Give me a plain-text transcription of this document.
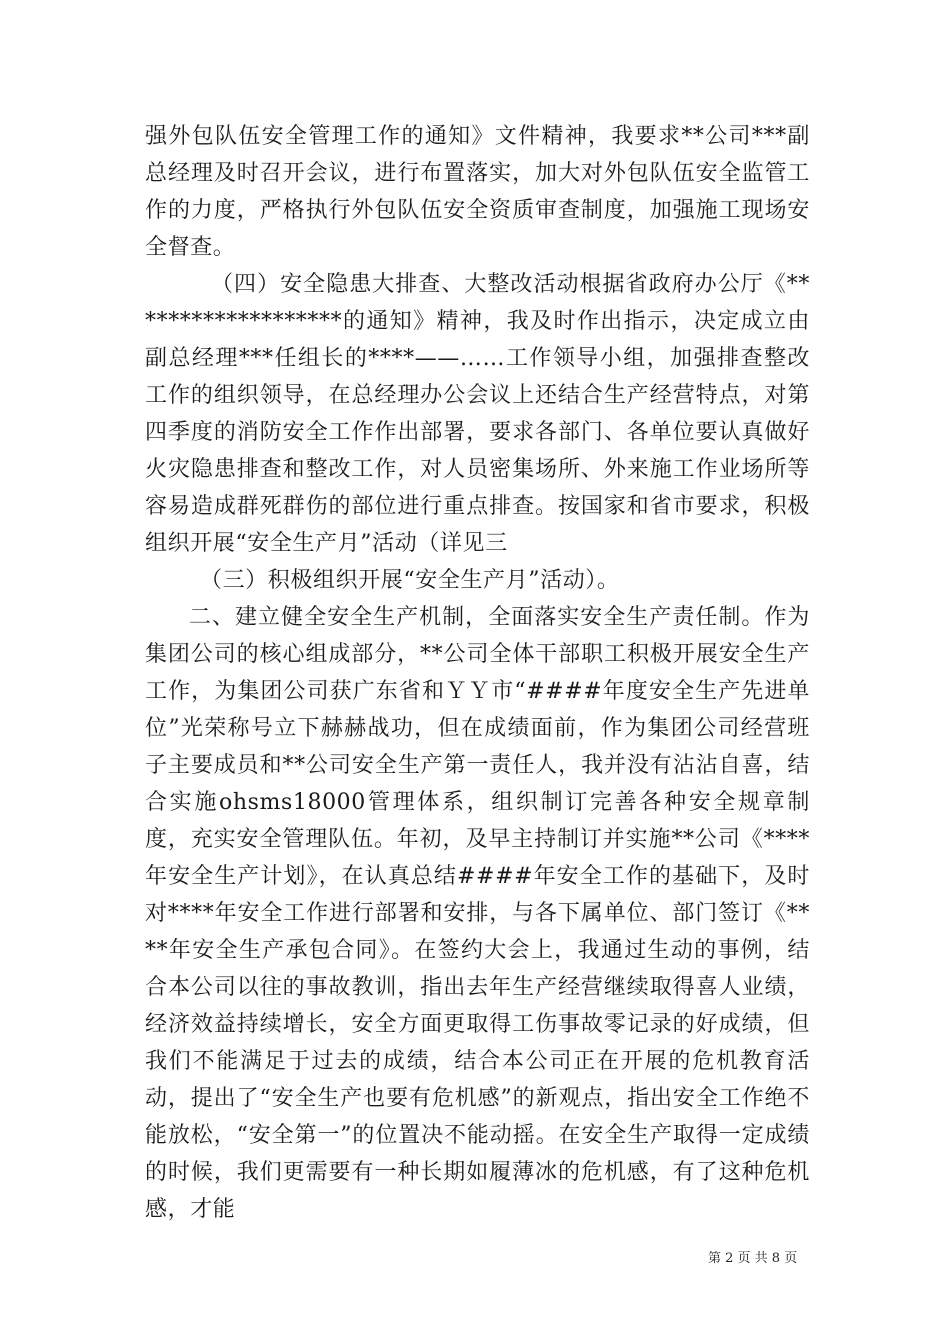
强外包队伍安全管理工作的通知》文件精神，我要求**公司***副总经理及时召开会议，进行布置落实，加大对外包队伍安全监管工作的力度，严格执行外包队伍安全资质审查制度，加强施工现场安全督查。

（四）安全隐患大排查、大整改活动根据省政府办公厅《*******************的通知》精神，我及时作出指示，决定成立由副总经理***任组长的****——……工作领导小组，加强排查整改工作的组织领导，在总经理办公会议上还结合生产经营特点，对第四季度的消防安全工作作出部署，要求各部门、各单位要认真做好火灾隐患排查和整改工作，对人员密集场所、外来施工作业场所等容易造成群死群伤的部位进行重点排查。按国家和省市要求，积极组织开展“安全生产月”活动（详见三

（三）积极组织开展“安全生产月”活动）。

二、建立健全安全生产机制，全面落实安全生产责任制。作为集团公司的核心组成部分，**公司全体干部职工积极开展安全生产工作，为集团公司获广东省和ＹＹ市“####年度安全生产先进单位”光荣称号立下赫赫战功，但在成绩面前，作为集团公司经营班子主要成员和**公司安全生产第一责任人，我并没有沾沾自喜，结合实施ohsms18000管理体系，组织制订完善各种安全规章制度，充实安全管理队伍。年初，及早主持制订并实施**公司《****年安全生产计划》，在认真总结####年安全工作的基础下，及时对****年安全工作进行部署和安排，与各下属单位、部门签订《****年安全生产承包合同》。在签约大会上，我通过生动的事例，结合本公司以往的事故教训，指出去年生产经营继续取得喜人业绩，经济效益持续增长，安全方面更取得工伤事故零记录的好成绩，但我们不能满足于过去的成绩，结合本公司正在开展的危机教育活动，提出了“安全生产也要有危机感”的新观点，指出安全工作绝不能放松，“安全第一”的位置决不能动摇。在安全生产取得一定成绩的时候，我们更需要有一种长期如履薄冰的危机感，有了这种危机感，才能

第 2 页 共 8 页
